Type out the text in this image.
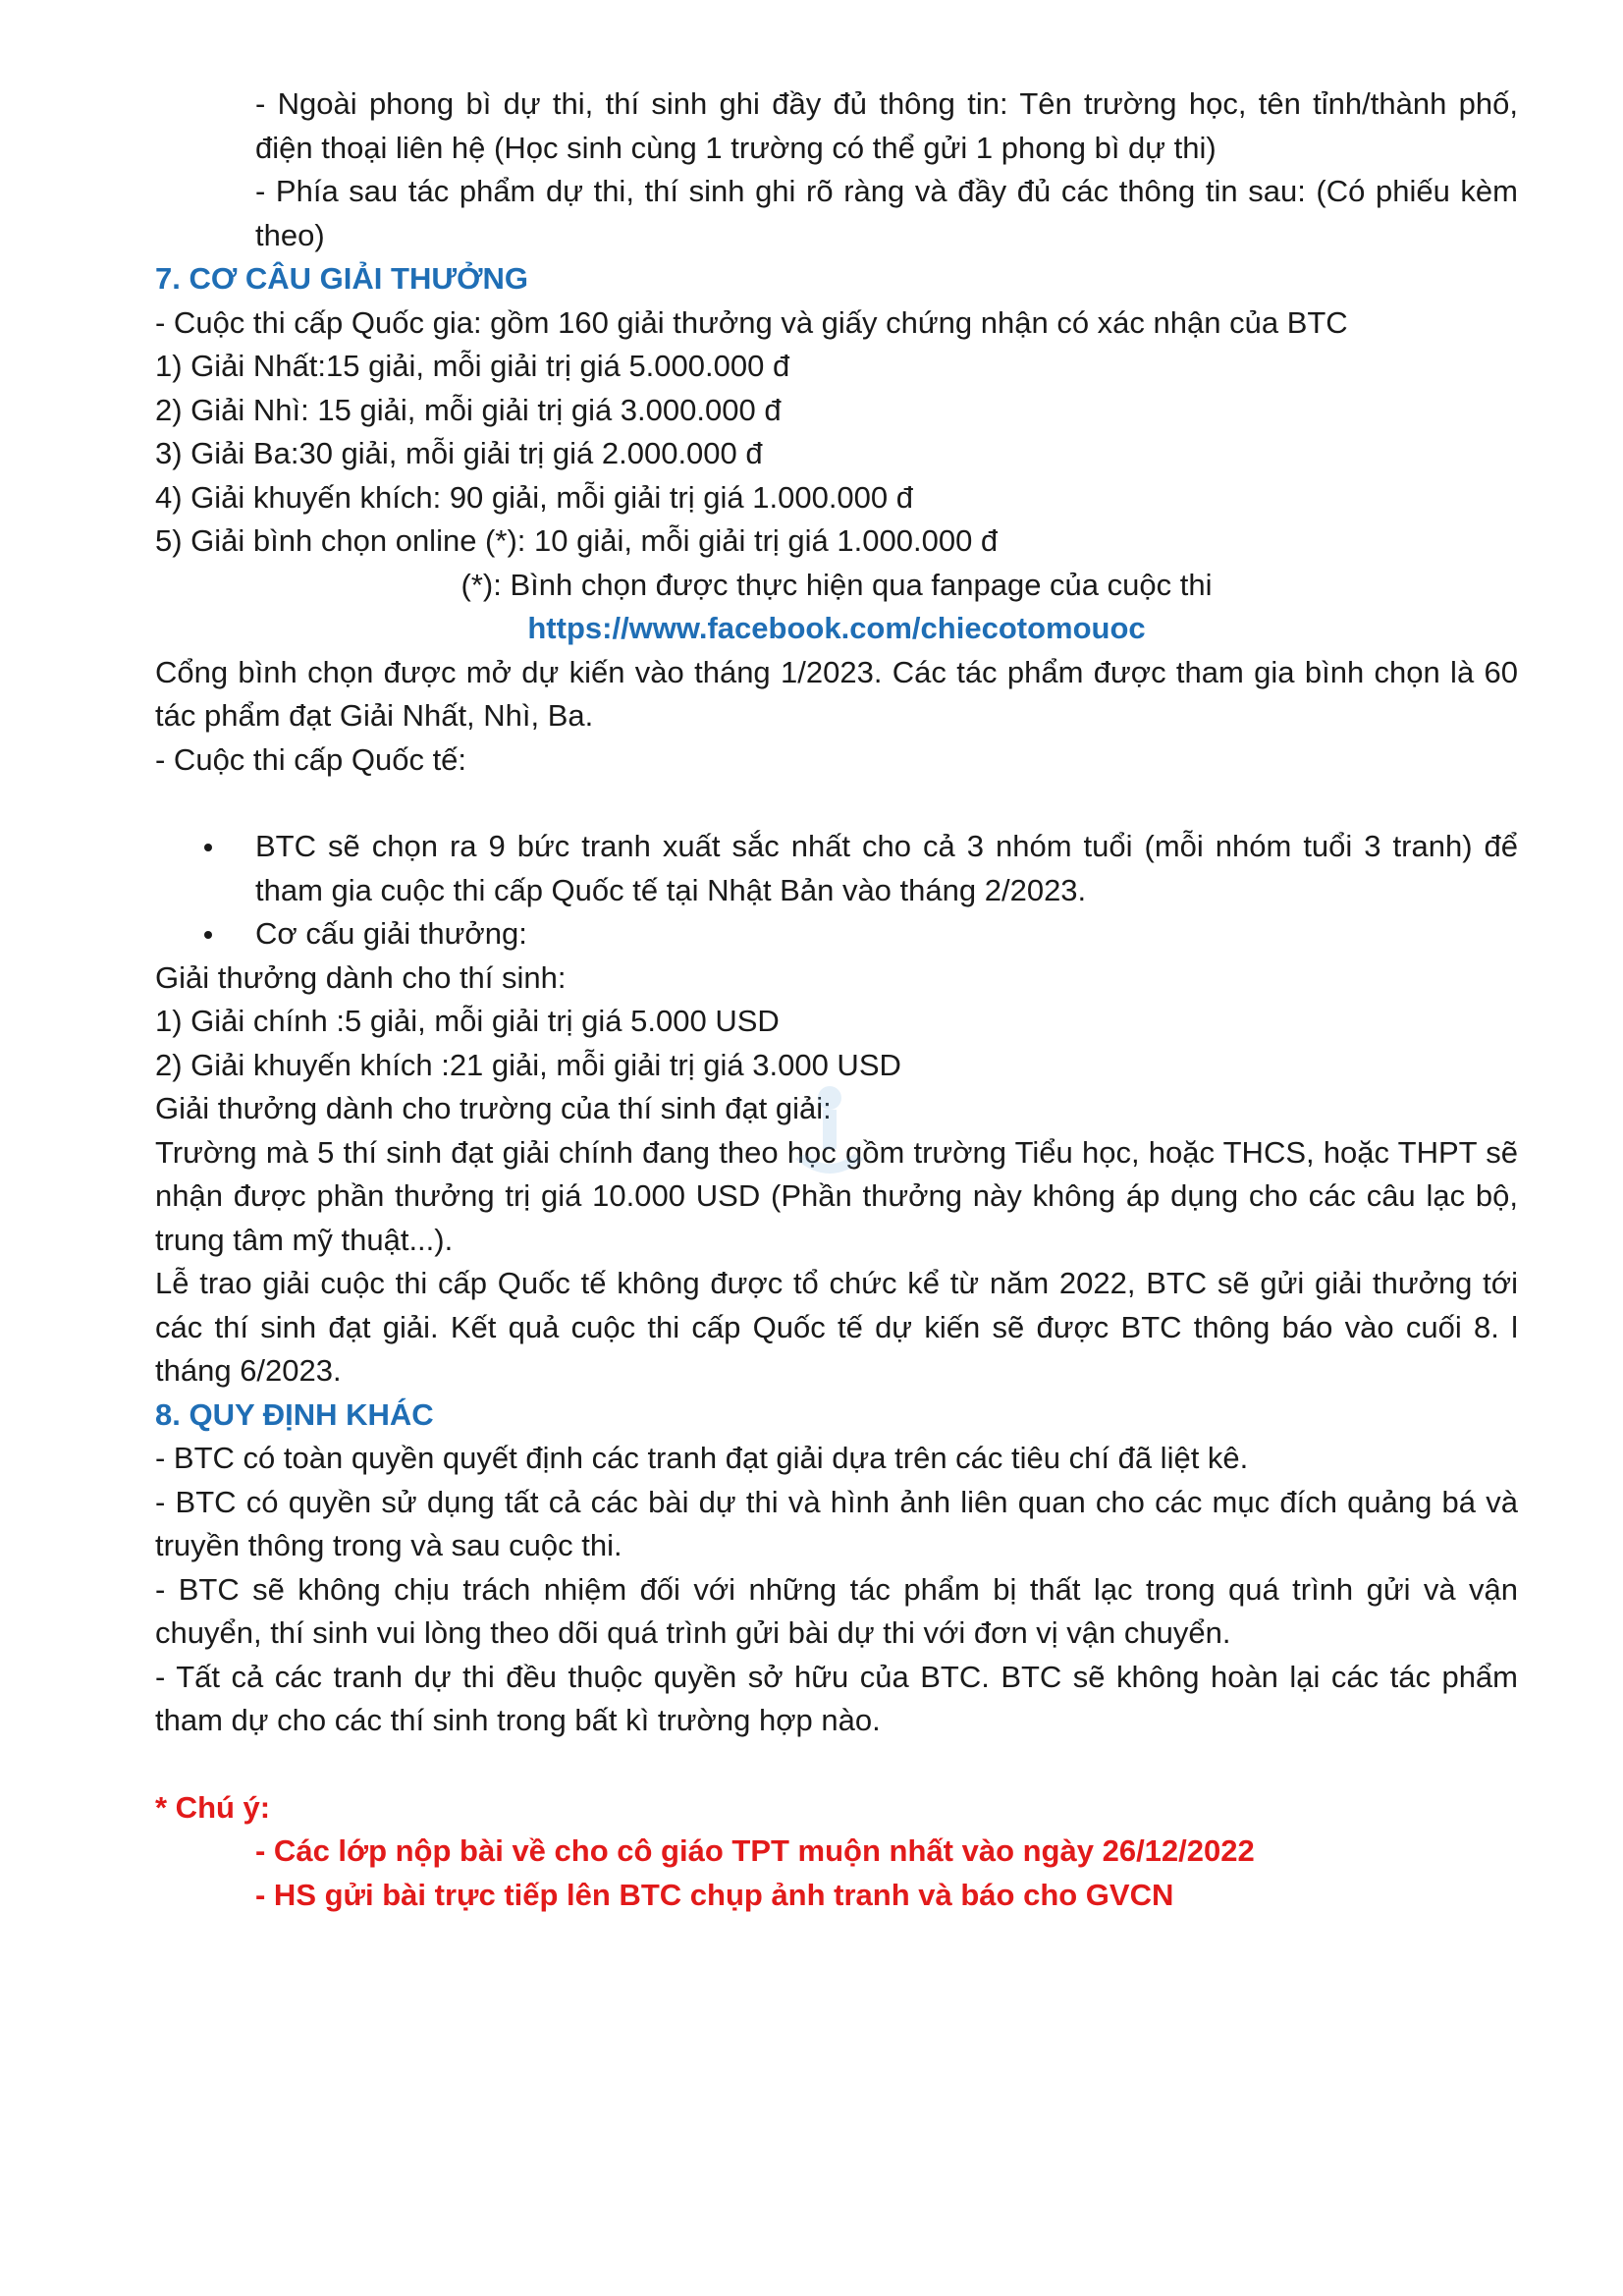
- Ngoài phong bì dự thi, thí sinh ghi đầy đủ thông tin: Tên trường học, tên tỉnh/thành phố, điện thoại liên hệ (Học sinh cùng 1 trường có thể gửi 1 phong bì dự thi)

- Phía sau tác phẩm dự thi, thí sinh ghi rõ ràng và đầy đủ các thông tin sau: (Có phiếu kèm theo)

7. CƠ CÂU GIẢI THƯỞNG

- Cuộc thi cấp Quốc gia: gồm 160 giải thưởng và giấy chứng nhận có xác nhận của BTC

1) Giải Nhất:15 giải, mỗi giải trị giá 5.000.000 đ

2) Giải Nhì: 15 giải, mỗi giải trị giá 3.000.000 đ

3) Giải Ba:30 giải, mỗi giải trị giá 2.000.000 đ

4) Giải khuyến khích: 90 giải, mỗi giải trị giá 1.000.000 đ

5) Giải bình chọn online (*): 10 giải, mỗi giải trị giá 1.000.000 đ

(*): Bình chọn được thực hiện qua fanpage của cuộc thi

https://www.facebook.com/chiecotomouoc

Cổng bình chọn được mở dự kiến vào tháng 1/2023. Các tác phẩm được tham gia bình chọn là 60 tác phẩm đạt Giải Nhất, Nhì, Ba.

- Cuộc thi cấp Quốc tế:

BTC sẽ chọn ra 9 bức tranh xuất sắc nhất cho cả 3 nhóm tuổi (mỗi nhóm tuổi 3 tranh) để tham gia cuộc thi cấp Quốc tế tại Nhật Bản vào tháng 2/2023.
Cơ cấu giải thưởng:

Giải thưởng dành cho thí sinh:

1) Giải chính :5 giải, mỗi giải trị giá 5.000 USD

2) Giải khuyến khích :21 giải, mỗi giải trị giá 3.000 USD

Giải thưởng dành cho trường của thí sinh đạt giải:

Trường mà 5 thí sinh đạt giải chính đang theo học gồm trường Tiểu học, hoặc THCS, hoặc THPT sẽ nhận được phần thưởng trị giá 10.000 USD (Phần thưởng này không áp dụng cho các câu lạc bộ, trung tâm mỹ thuật...).

Lễ trao giải cuộc thi cấp Quốc tế không được tổ chức kể từ năm 2022, BTC sẽ gửi giải thưởng tới các thí sinh đạt giải. Kết quả cuộc thi cấp Quốc tế dự kiến sẽ được BTC thông báo vào cuối 8. l tháng 6/2023.

8. QUY ĐỊNH KHÁC

- BTC có toàn quyền quyết định các tranh đạt giải dựa trên các tiêu chí đã liệt kê.

- BTC có quyền sử dụng tất cả các bài dự thi và hình ảnh liên quan cho các mục đích quảng bá và truyền thông trong và sau cuộc thi.

- BTC sẽ không chịu trách nhiệm đối với những tác phẩm bị thất lạc trong quá trình gửi và vận chuyển, thí sinh vui lòng theo dõi quá trình gửi bài dự thi với đơn vị vận chuyển.

- Tất cả các tranh dự thi đều thuộc quyền sở hữu của BTC. BTC sẽ không hoàn lại các tác phẩm tham dự cho các thí sinh trong bất kì trường hợp nào.

* Chú ý:

- Các lớp nộp bài về cho cô giáo TPT muộn nhất vào ngày 26/12/2022

- HS gửi bài trực tiếp lên BTC chụp ảnh tranh và báo cho GVCN
